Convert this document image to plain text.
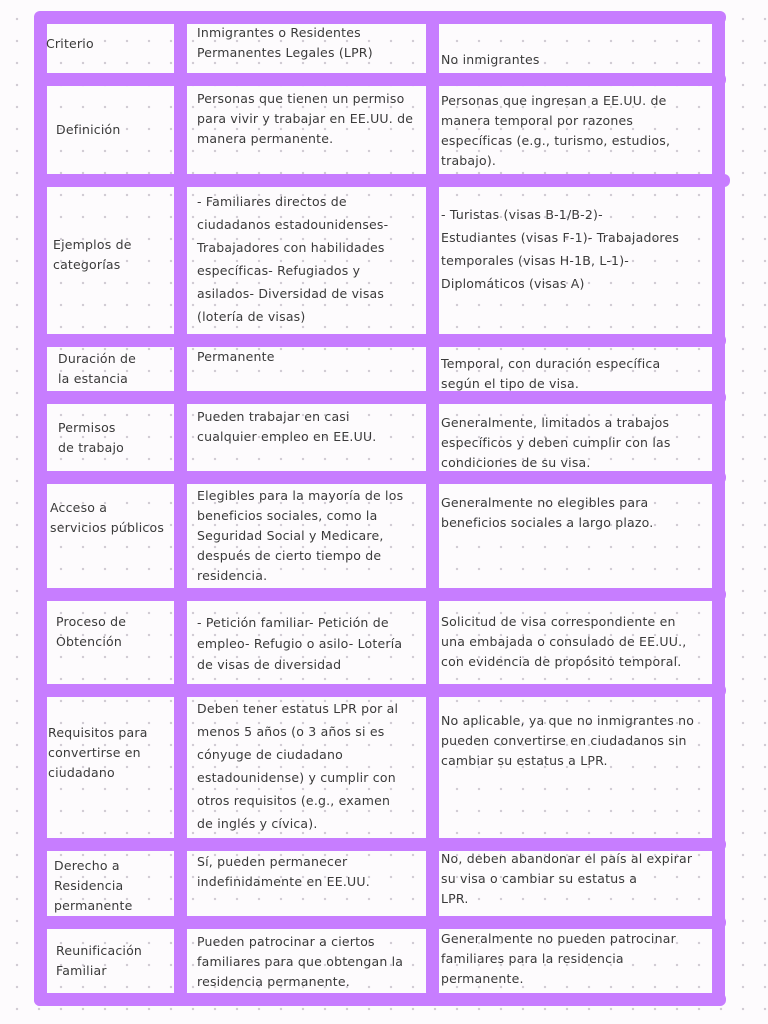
Criterio
Inmigrantes o Residentes
Permanentes Legales (LPR)	No inmigrantes
Definición
Personas que tienen un permiso
para vivir y trabajar en EE.UU. de
manera permanente.
Personas que ingresan a EE.UU. de
manera temporal por razones
específicas (e.g., turismo, estudios,
trabajo).
Ejemplos de
categorías
- Familiares directos de
ciudadanos estadounidenses-
Trabajadores con habilidades
específicas- Refugiados y
asilados- Diversidad de visas
(lotería de visas)
- Turistas (visas B-1/B-2)-
Estudiantes (visas F-1)- Trabajadores
temporales (visas H-1B, L-1)-
Diplomáticos (visas A)
Duración de
la estancia
Permanente	Temporal, con duración específica
según el tipo de visa.
Permisos
de trabajo
Pueden trabajar en casi
cualquier empleo en EE.UU.
Generalmente, limitados a trabajos
específicos y deben cumplir con las
condiciones de su visa.
Acceso a
servicios públicos
Elegibles para la mayoría de los
beneficios sociales, como la
Seguridad Social y Medicare,
después de cierto tiempo de
residencia.
Generalmente no elegibles para
beneficios sociales a largo plazo.
Proceso de
Obtención
- Petición familiar- Petición de
empleo- Refugio o asilo- Lotería
de visas de diversidad
Solicitud de visa correspondiente en
una embajada o consulado de EE.UU.,
con evidencia de propósito temporal.
Requisitos para
convertirse en
ciudadano
Deben tener estatus LPR por al
menos 5 años (o 3 años si es
cónyuge de ciudadano
estadounidense) y cumplir con
otros requisitos (e.g., examen
de inglés y cívica).
No aplicable, ya que no inmigrantes no
pueden convertirse en ciudadanos sin
cambiar su estatus a LPR.
Derecho a
Residencia
permanente
Sí, pueden permanecer
indefinidamente en EE.UU.
No, deben abandonar el país al expirar
su visa o cambiar su estatus a
LPR.
Reunificación
Familiar
Pueden patrocinar a ciertos
familiares para que obtengan la
residencia permanente.
Generalmente no pueden patrocinar
familiares para la residencia
permanente.
